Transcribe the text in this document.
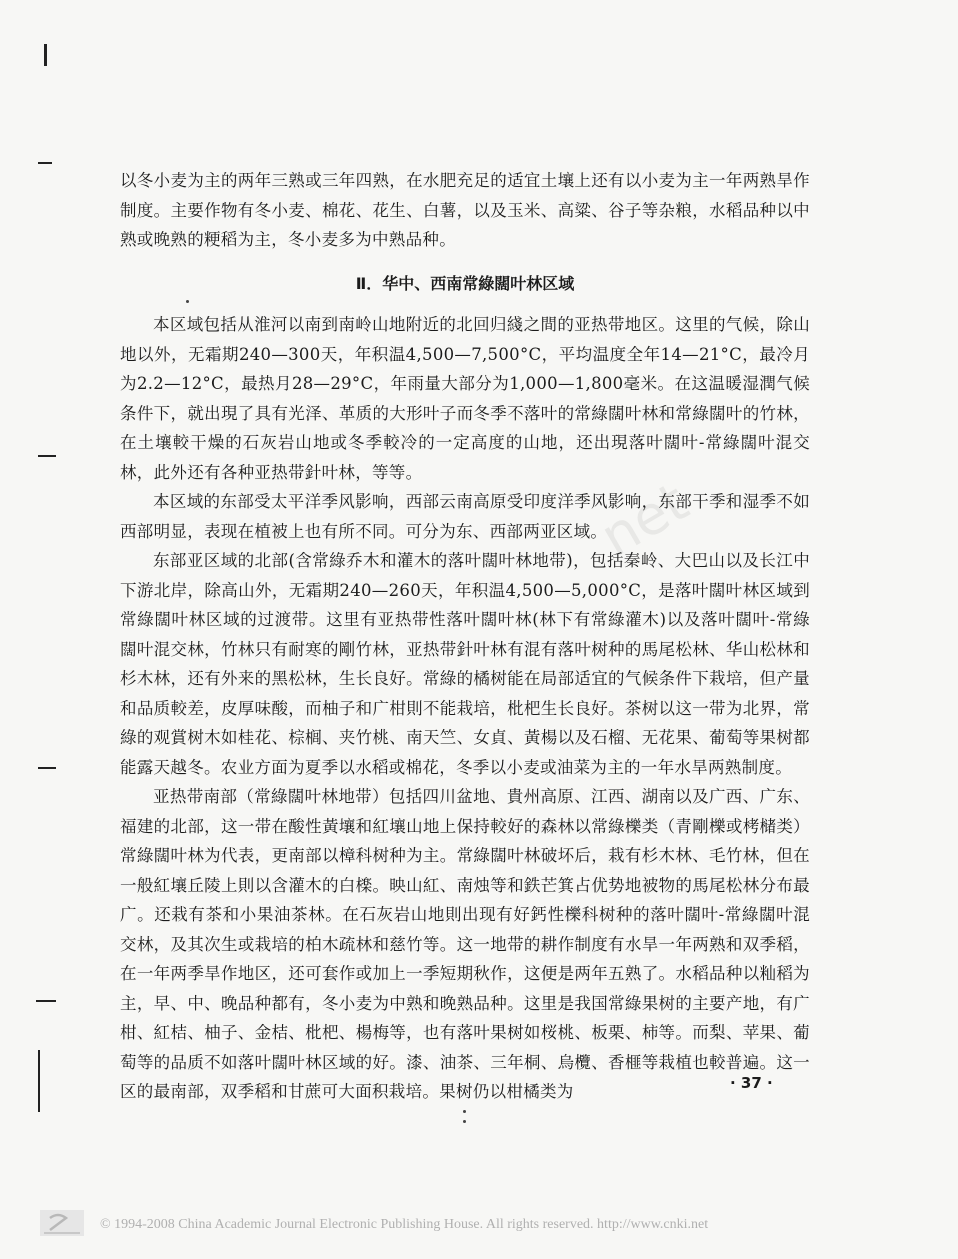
net

以冬小麦为主的两年三熟或三年四熟，在水肥充足的适宜土壤上还有以小麦为主一年两熟旱作制度。主要作物有冬小麦、棉花、花生、白薯，以及玉米、高粱、谷子等杂粮，水稻品种以中熟或晚熟的粳稻为主，冬小麦多为中熟品种。

Ⅱ．华中、西南常綠闊叶林区域

本区域包括从淮河以南到南岭山地附近的北回归綫之間的亚热带地区。这里的气候，除山地以外，无霜期240—300天，年积温4,500—7,500°C，平均温度全年14—21°C，最冷月为2.2—12°C，最热月28—29°C，年雨量大部分为1,000—1,800毫米。在这温暖湿潤气候条件下，就出現了具有光泽、革质的大形叶子而冬季不落叶的常綠闊叶林和常綠闊叶的竹林，在土壤較干燥的石灰岩山地或冬季較冷的一定高度的山地，还出現落叶闊叶-常綠闊叶混交林，此外还有各种亚热带針叶林，等等。

本区域的东部受太平洋季风影响，西部云南高原受印度洋季风影响，东部干季和湿季不如西部明显，表现在植被上也有所不同。可分为东、西部两亚区域。

东部亚区域的北部(含常綠乔木和灌木的落叶闊叶林地带)，包括秦岭、大巴山以及长江中下游北岸，除高山外，无霜期240—260天，年积温4,500—5,000°C，是落叶闊叶林区域到常綠闊叶林区域的过渡带。这里有亚热带性落叶闊叶林(林下有常綠灌木)以及落叶闊叶-常綠闊叶混交林，竹林只有耐寒的剛竹林，亚热带針叶林有混有落叶树种的馬尾松林、华山松林和杉木林，还有外来的黑松林，生长良好。常綠的橘树能在局部适宜的气候条件下栽培，但产量和品质較差，皮厚味酸，而柚子和广柑則不能栽培，枇杷生长良好。茶树以这一带为北界，常綠的观賞树木如桂花、棕榈、夹竹桃、南天竺、女貞、黃楊以及石榴、无花果、葡萄等果树都能露天越冬。农业方面为夏季以水稻或棉花，冬季以小麦或油菜为主的一年水旱两熟制度。

亚热带南部（常綠闊叶林地带）包括四川盆地、貴州高原、江西、湖南以及广西、广东、福建的北部，这一带在酸性黃壤和紅壤山地上保持較好的森林以常綠櫟类（青剛櫟或栲槠类）常綠闊叶林为代表，更南部以樟科树种为主。常綠闊叶林破坏后，栽有杉木林、毛竹林，但在一般紅壤丘陵上則以含灌木的白檪。映山紅、南烛等和鉄芒箕占优势地被物的馬尾松林分布最广。还栽有茶和小果油茶林。在石灰岩山地則出现有好鈣性櫟科树种的落叶闊叶-常綠闊叶混交林，及其次生或栽培的柏木疏林和慈竹等。这一地带的耕作制度有水旱一年两熟和双季稻，在一年两季旱作地区，还可套作或加上一季短期秋作，这便是两年五熟了。水稻品种以籼稻为主，早、中、晚品种都有，冬小麦为中熟和晚熟品种。这里是我国常綠果树的主要产地，有广柑、紅桔、柚子、金桔、枇杷、楊梅等，也有落叶果树如桜桃、板栗、柿等。而梨、苹果、葡萄等的品质不如落叶闊叶林区域的好。漆、油茶、三年桐、烏欖、香榧等栽植也較普遍。这一区的最南部，双季稻和甘蔗可大面积栽培。果树仍以柑橘类为	· 37 ·
© 1994-2008 China Academic Journal Electronic Publishing House. All rights reserved. http://www.cnki.net
